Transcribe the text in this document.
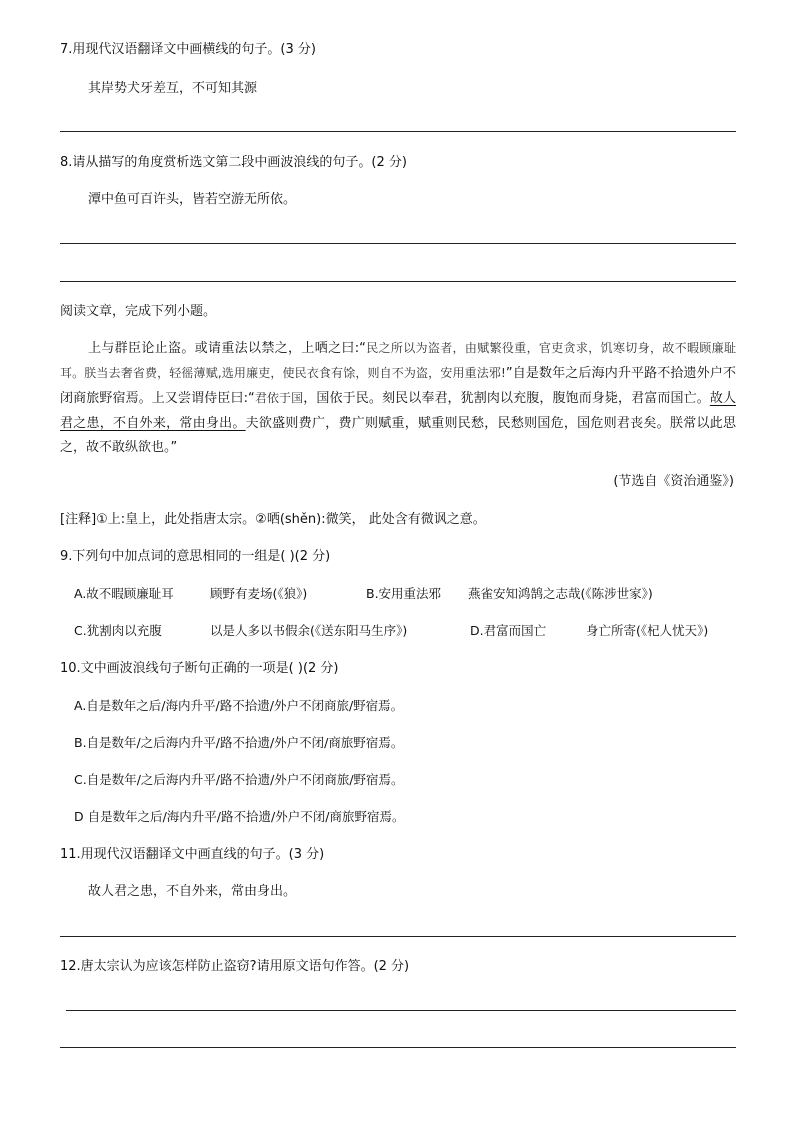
7.用现代汉语翻译文中画横线的句子。(3 分)
其岸势犬牙差互，不可知其源
8.请从描写的角度赏析选文第二段中画波浪线的句子。(2 分)
潭中鱼可百许头，皆若空游无所依。
阅读文章，完成下列小题。
上与群臣论止盗。或请重法以禁之，上哂之曰:“民之所以为盗者，由赋繁役重，官吏贪求，饥寒切身，故不暇顾廉耻耳。朕当去奢省费，轻徭薄赋,选用廉吏，使民衣食有馀，则自不为盗，安用重法邪!”自是数年之后海内升平路不拾遗外户不闭商旅野宿焉。上又尝谓侍臣曰:“君依于国，国依于民。刻民以奉君，犹割肉以充腹，腹饱而身毙，君富而国亡。故人君之患，不自外来，常由身出。夫欲盛则费广，费广则赋重，赋重则民愁，民愁则国危，国危则君丧矣。朕常以此思之，故不敢纵欲也。”
(节选自《资治通鉴》)
[注释]①上:皇上，此处指唐太宗。②哂(shěn):微笑， 此处含有微讽之意。
9.下列句中加点词的意思相同的一组是( )(2 分)
A.故不暇顾廉耻耳	顾野有麦场(《狼》)	B.安用重法邪 燕雀安知鸿鹄之志哉(《陈涉世家》)
C.犹割肉以充腹	以是人多以书假余(《送东阳马生序》)	D.君富而国亡	身亡所寄(《杞人忧天》)
10.文中画波浪线句子断句正确的一项是( )(2 分)
A.自是数年之后/海内升平/路不拾遗/外户不闭商旅/野宿焉。
B.自是数年/之后海内升平/路不拾遗/外户不闭/商旅野宿焉。
C.自是数年/之后海内升平/路不拾遗/外户不闭商旅/野宿焉。
D 自是数年之后/海内升平/路不拾遗/外户不闭/商旅野宿焉。
11.用现代汉语翻译文中画直线的句子。(3 分)
故人君之患，不自外来，常由身出。
12.唐太宗认为应该怎样防止盗窃?请用原文语句作答。(2 分)
